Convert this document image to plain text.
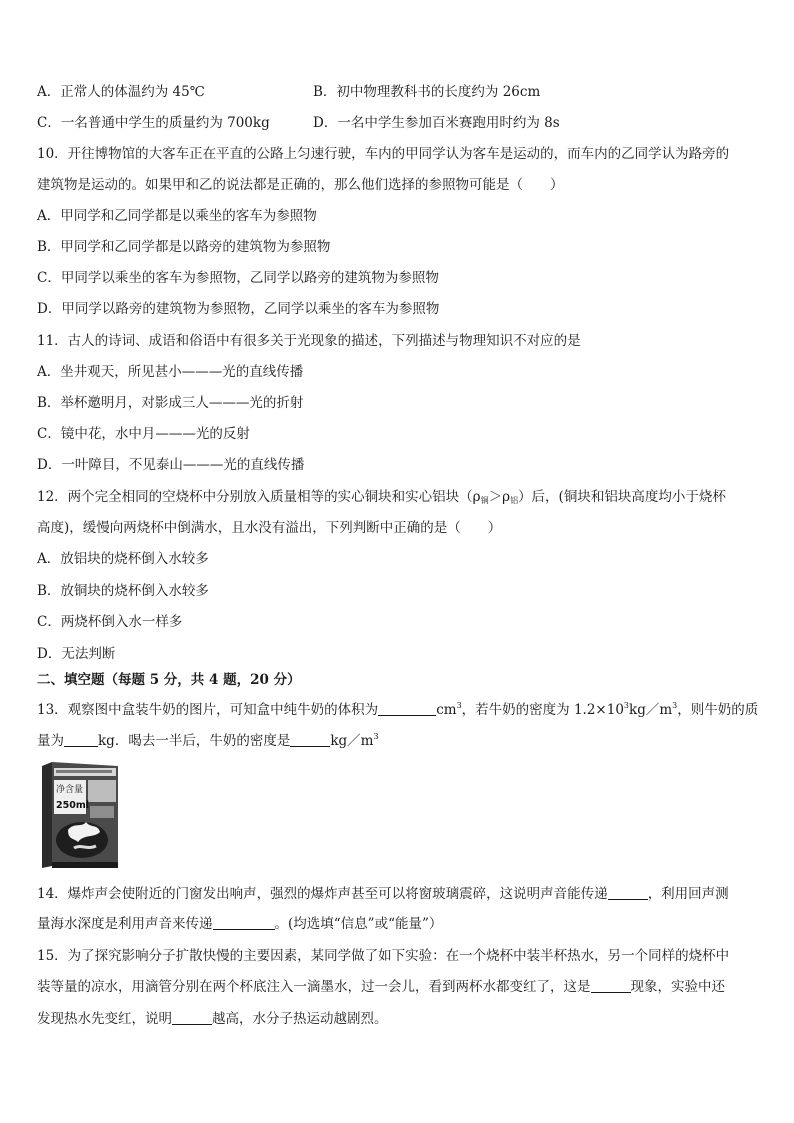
A．正常人的体温约为 45℃	B．初中物理教科书的长度约为 26cm
C．一名普通中学生的质量约为 700kg	D．一名中学生参加百米赛跑用时约为 8s
10．开往博物馆的大客车正在平直的公路上匀速行驶，车内的甲同学认为客车是运动的，而车内的乙同学认为路旁的
建筑物是运动的。如果甲和乙的说法都是正确的，那么他们选择的参照物可能是（　　）
A．甲同学和乙同学都是以乘坐的客车为参照物
B．甲同学和乙同学都是以路旁的建筑物为参照物
C．甲同学以乘坐的客车为参照物，乙同学以路旁的建筑物为参照物
D．甲同学以路旁的建筑物为参照物，乙同学以乘坐的客车为参照物
11．古人的诗词、成语和俗语中有很多关于光现象的描述，下列描述与物理知识不对应的是
A．坐井观天，所见甚小———光的直线传播
B．举杯邀明月，对影成三人———光的折射
C．镜中花，水中月———光的反射
D．一叶障目，不见泰山———光的直线传播
12．两个完全相同的空烧杯中分别放入质量相等的实心铜块和实心铝块$(\rho_铜>\rho_铝)$后，(铜块和铝块高度均小于烧杯
高度)，缓慢向两烧杯中倒满水，且水没有溢出，下列判断中正确的是（　　）
A．放铝块的烧杯倒入水较多
B．放铜块的烧杯倒入水较多
C．两烧杯倒入水一样多
D．无法判断
二、填空题（每题 5 分，共 4 题，20 分）
13．观察图中盒装牛奶的图片，可知盒中纯牛奶的体积为	$cm^3$，若牛奶的密度为 $1.2\times 10^3kg/m^3$，则牛奶的质
量为	kg．喝去一半后，牛奶的密度是	$kg/m^3$
净含量
250ml
14．爆炸声会使附近的门窗发出响声，强烈的爆炸声甚至可以将窗玻璃震碎，这说明声音能传递	，利用回声测
量海水深度是利用声音来传递	。(均选填“信息”或“能量”）
15．为了探究影响分子扩散快慢的主要因素，某同学做了如下实验：在一个烧杯中装半杯热水，另一个同样的烧杯中
装等量的凉水，用滴管分别在两个杯底注入一滴墨水，过一会儿，看到两杯水都变红了，这是	现象，实验中还
发现热水先变红，说明	越高，水分子热运动越剧烈。
